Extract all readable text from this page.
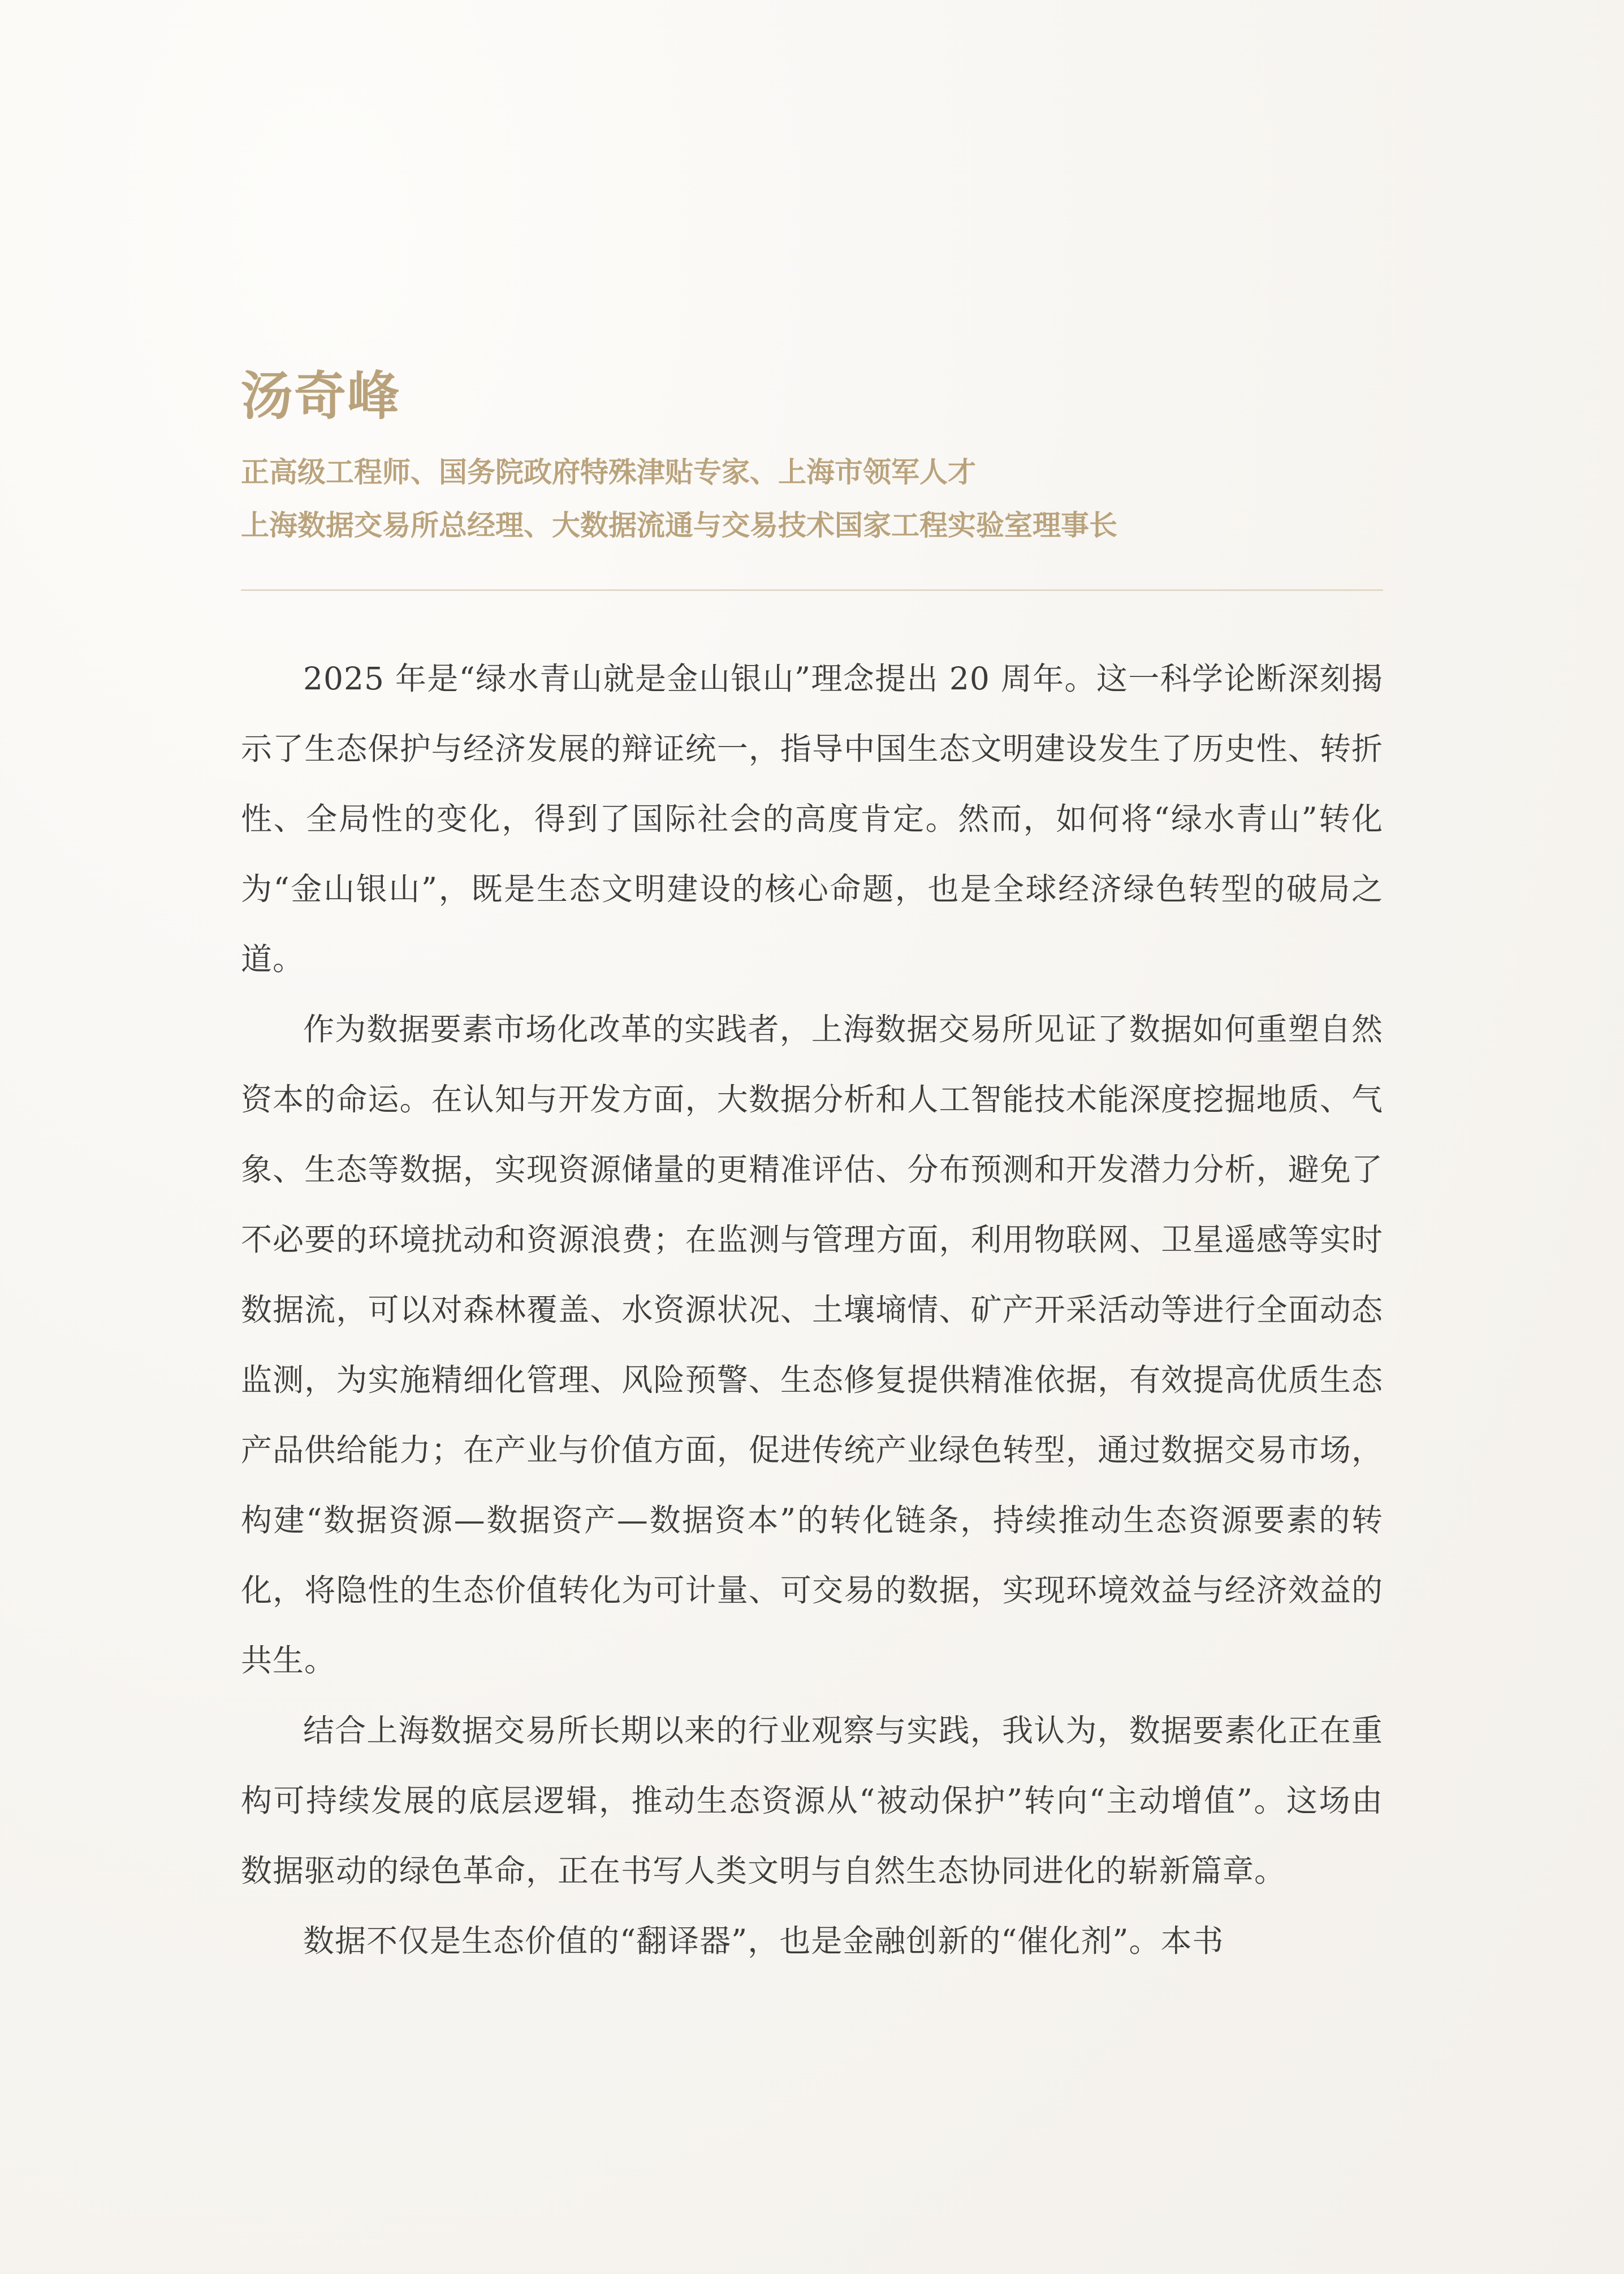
汤奇峰
正高级工程师、国务院政府特殊津贴专家、上海市领军人才
上海数据交易所总经理、大数据流通与交易技术国家工程实验室理事长

2025 年是“绿水青山就是金山银山”理念提出 20 周年。这一科学论断深刻揭示了生态保护与经济发展的辩证统一，指导中国生态文明建设发生了历史性、转折性、全局性的变化，得到了国际社会的高度肯定。然而，如何将“绿水青山”转化为“金山银山”，既是生态文明建设的核心命题，也是全球经济绿色转型的破局之道。

作为数据要素市场化改革的实践者，上海数据交易所见证了数据如何重塑自然资本的命运。在认知与开发方面，大数据分析和人工智能技术能深度挖掘地质、气象、生态等数据，实现资源储量的更精准评估、分布预测和开发潜力分析，避免了不必要的环境扰动和资源浪费；在监测与管理方面，利用物联网、卫星遥感等实时数据流，可以对森林覆盖、水资源状况、土壤墒情、矿产开采活动等进行全面动态监测，为实施精细化管理、风险预警、生态修复提供精准依据，有效提高优质生态产品供给能力；在产业与价值方面，促进传统产业绿色转型，通过数据交易市场，构建“数据资源—数据资产—数据资本”的转化链条，持续推动生态资源要素的转化，将隐性的生态价值转化为可计量、可交易的数据，实现环境效益与经济效益的共生。

结合上海数据交易所长期以来的行业观察与实践，我认为，数据要素化正在重构可持续发展的底层逻辑，推动生态资源从“被动保护”转向“主动增值”。这场由数据驱动的绿色革命，正在书写人类文明与自然生态协同进化的崭新篇章。

数据不仅是生态价值的“翻译器”，也是金融创新的“催化剂”。本书
